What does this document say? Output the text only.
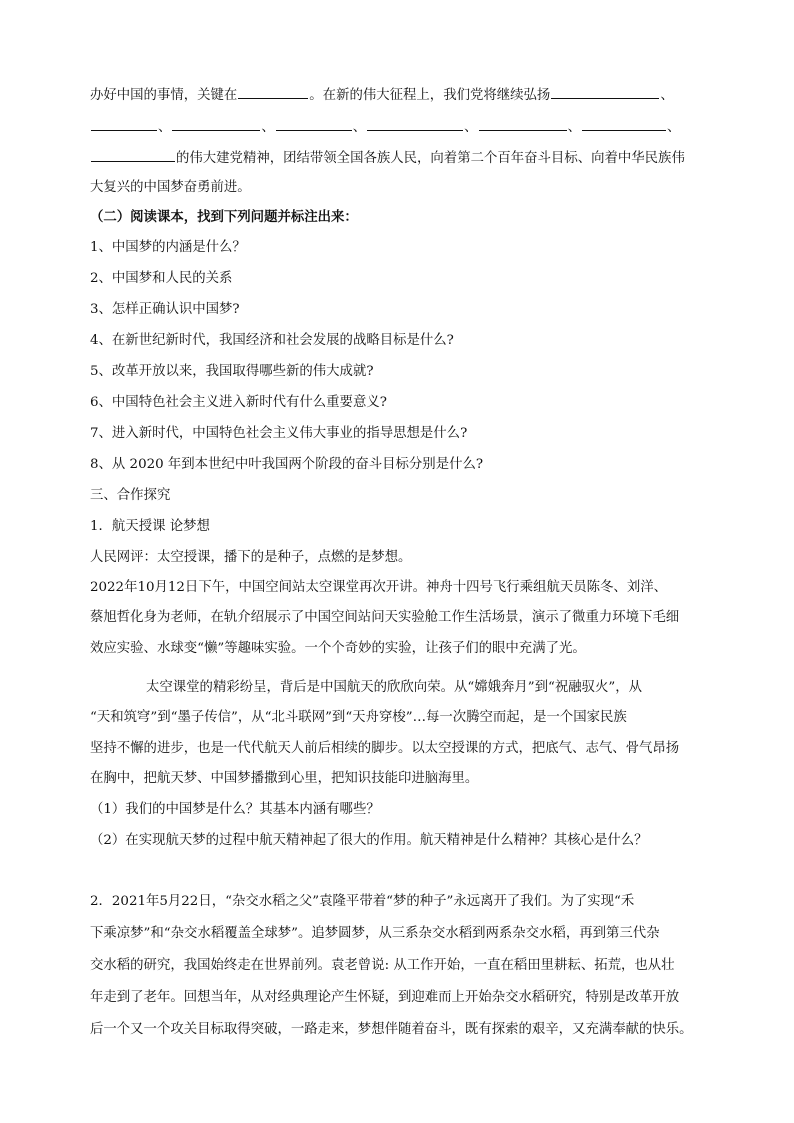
办好中国的事情，关键在	。在新的伟大征程上，我们党将继续弘扬	、
、	、	、	、	、	、
的伟大建党精神，团结带领全国各族人民，向着第二个百年奋斗目标、向着中华民族伟
大复兴的中国梦奋勇前进。
（二）阅读课本，找到下列问题并标注出来：
1、中国梦的内涵是什么？
2、中国梦和人民的关系
3、怎样正确认识中国梦?
4、在新世纪新时代，我国经济和社会发展的战略目标是什么?
5、改革开放以来，我国取得哪些新的伟大成就?
6、中国特色社会主义进入新时代有什么重要意义?
7、进入新时代，中国特色社会主义伟大事业的指导思想是什么?
8、从 2020 年到本世纪中叶我国两个阶段的奋斗目标分别是什么?
三、合作探究
1．航天授课 论梦想
人民网评：太空授课，播下的是种子，点燃的是梦想。
2022年10月12日下午，中国空间站太空课堂再次开讲。神舟十四号飞行乘组航天员陈冬、刘洋、
蔡旭哲化身为老师，在轨介绍展示了中国空间站问天实验舱工作生活场景，演示了微重力环境下毛细
效应实验、水球变“懒”等趣味实验。一个个奇妙的实验，让孩子们的眼中充满了光。
太空课堂的精彩纷呈，背后是中国航天的欣欣向荣。从“嫦娥奔月”到“祝融驭火”，从
“天和筑穹”到“墨子传信”，从“北斗联网”到“天舟穿梭”…每一次腾空而起，是一个国家民族
坚持不懈的进步，也是一代代航天人前后相续的脚步。以太空授课的方式，把底气、志气、骨气昂扬
在胸中，把航天梦、中国梦播撒到心里，把知识技能印进脑海里。
（1）我们的中国梦是什么？其基本内涵有哪些？
（2）在实现航天梦的过程中航天精神起了很大的作用。航天精神是什么精神？其核心是什么？
2．2021年5月22日，“杂交水稻之父”袁隆平带着“梦的种子”永远离开了我们。为了实现“禾
下乘凉梦”和“杂交水稻覆盖全球梦”。追梦圆梦，从三系杂交水稻到两系杂交水稻，再到第三代杂
交水稻的研究，我国始终走在世界前列。袁老曾说: 从工作开始，一直在稻田里耕耘、拓荒，也从壮
年走到了老年。回想当年，从对经典理论产生怀疑，到迎难而上开始杂交水稻研究，特别是改革开放
后一个又一个攻关目标取得突破，一路走来，梦想伴随着奋斗，既有探索的艰辛，又充满奉献的快乐。
